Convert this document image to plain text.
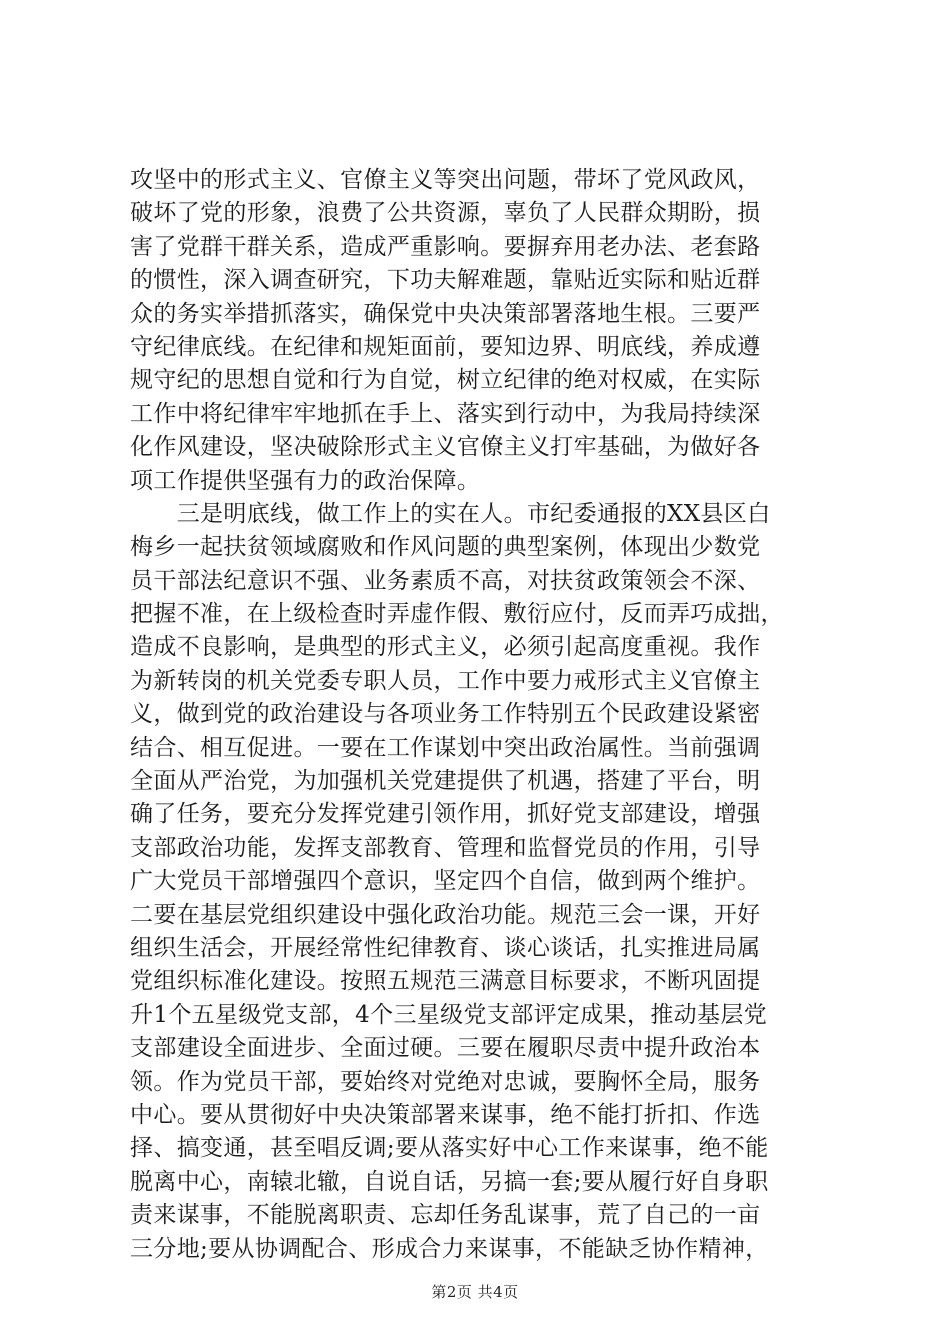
攻坚中的形式主义、官僚主义等突出问题，带坏了党风政风，
破坏了党的形象，浪费了公共资源，辜负了人民群众期盼，损
害了党群干群关系，造成严重影响。要摒弃用老办法、老套路
的惯性，深入调查研究，下功夫解难题，靠贴近实际和贴近群
众的务实举措抓落实，确保党中央决策部署落地生根。三要严
守纪律底线。在纪律和规矩面前，要知边界、明底线，养成遵
规守纪的思想自觉和行为自觉，树立纪律的绝对权威，在实际
工作中将纪律牢牢地抓在手上、落实到行动中，为我局持续深
化作风建设，坚决破除形式主义官僚主义打牢基础，为做好各
项工作提供坚强有力的政治保障。
　　三是明底线，做工作上的实在人。市纪委通报的XX县区白
梅乡一起扶贫领域腐败和作风问题的典型案例，体现出少数党
员干部法纪意识不强、业务素质不高，对扶贫政策领会不深、
把握不准，在上级检查时弄虚作假、敷衍应付，反而弄巧成拙，
造成不良影响，是典型的形式主义，必须引起高度重视。我作
为新转岗的机关党委专职人员，工作中要力戒形式主义官僚主
义，做到党的政治建设与各项业务工作特别五个民政建设紧密
结合、相互促进。一要在工作谋划中突出政治属性。当前强调
全面从严治党，为加强机关党建提供了机遇，搭建了平台，明
确了任务，要充分发挥党建引领作用，抓好党支部建设，增强
支部政治功能，发挥支部教育、管理和监督党员的作用，引导
广大党员干部增强四个意识，坚定四个自信，做到两个维护。
二要在基层党组织建设中强化政治功能。规范三会一课，开好
组织生活会，开展经常性纪律教育、谈心谈话，扎实推进局属
党组织标准化建设。按照五规范三满意目标要求，不断巩固提
升1个五星级党支部，4个三星级党支部评定成果，推动基层党
支部建设全面进步、全面过硬。三要在履职尽责中提升政治本
领。作为党员干部，要始终对党绝对忠诚，要胸怀全局，服务
中心。要从贯彻好中央决策部署来谋事，绝不能打折扣、作选
择、搞变通，甚至唱反调;要从落实好中心工作来谋事，绝不能
脱离中心，南辕北辙，自说自话，另搞一套;要从履行好自身职
责来谋事，不能脱离职责、忘却任务乱谋事，荒了自己的一亩
三分地;要从协调配合、形成合力来谋事，不能缺乏协作精神，
第2页 共4页
